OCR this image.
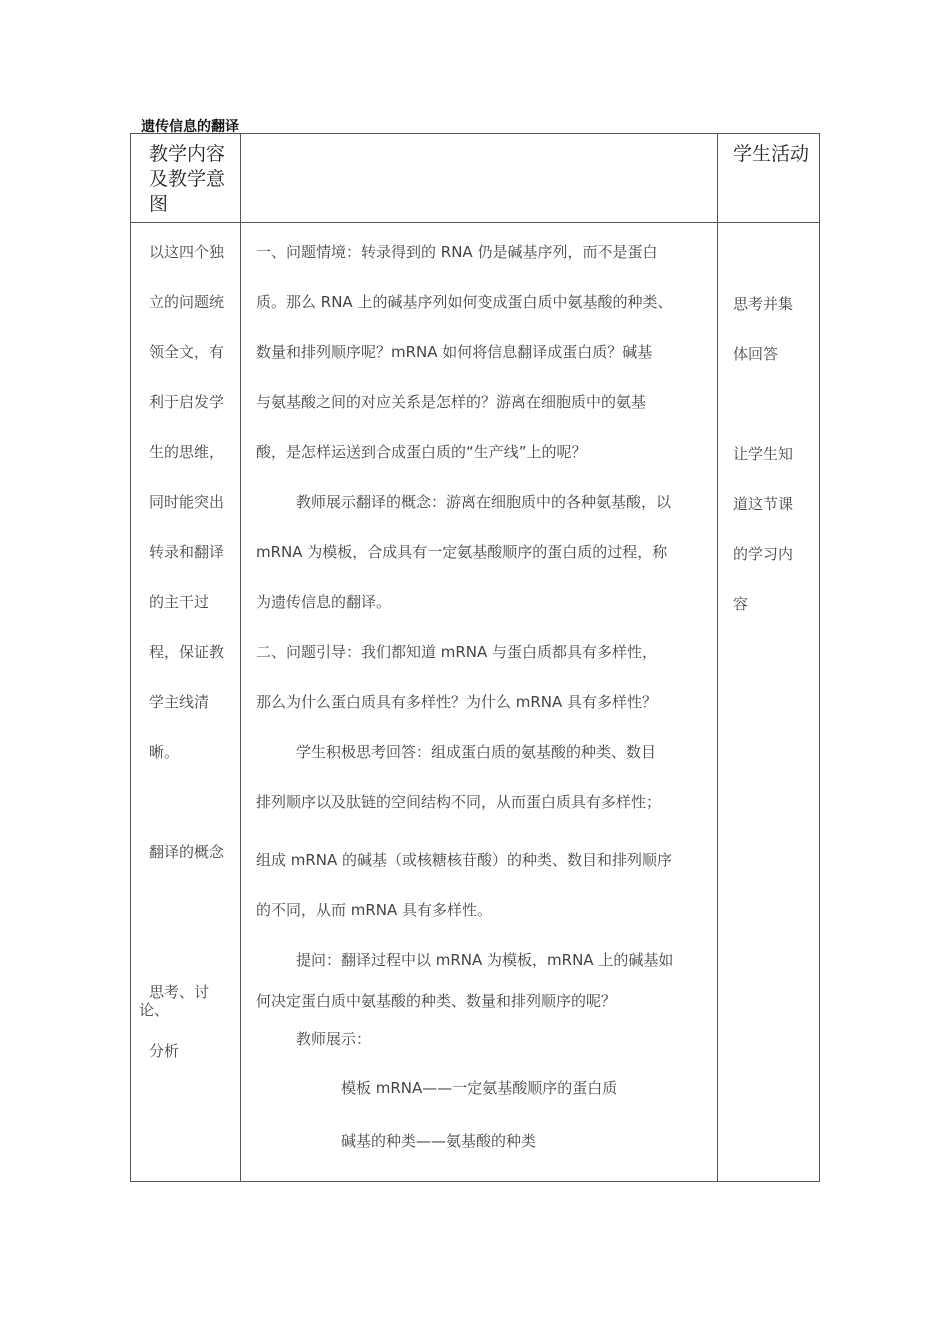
遗传信息的翻译
教学内容
及教学意
图
学生活动
以这四个独
立的问题统
领全文，有
利于启发学
生的思维，
同时能突出
转录和翻译
的主干过
程，保证教
学主线清
晰。
翻译的概念
思考、讨
论、
分析
一、问题情境：转录得到的 RNA 仍是碱基序列，而不是蛋白
质。那么 RNA 上的碱基序列如何变成蛋白质中氨基酸的种类、
数量和排列顺序呢？mRNA 如何将信息翻译成蛋白质？碱基
与氨基酸之间的对应关系是怎样的？游离在细胞质中的氨基
酸，是怎样运送到合成蛋白质的“生产线”上的呢？
教师展示翻译的概念：游离在细胞质中的各种氨基酸，以
mRNA 为模板，合成具有一定氨基酸顺序的蛋白质的过程，称
为遗传信息的翻译。
二、问题引导：我们都知道 mRNA 与蛋白质都具有多样性，
那么为什么蛋白质具有多样性？为什么 mRNA 具有多样性？
学生积极思考回答：组成蛋白质的氨基酸的种类、数目
排列顺序以及肽链的空间结构不同，从而蛋白质具有多样性；
组成 mRNA 的碱基（或核糖核苷酸）的种类、数目和排列顺序
的不同，从而 mRNA 具有多样性。
提问：翻译过程中以 mRNA 为模板，mRNA 上的碱基如
何决定蛋白质中氨基酸的种类、数量和排列顺序的呢？
教师展示：
模板 mRNA——一定氨基酸顺序的蛋白质
碱基的种类——氨基酸的种类
思考并集
体回答
让学生知
道这节课
的学习内
容
